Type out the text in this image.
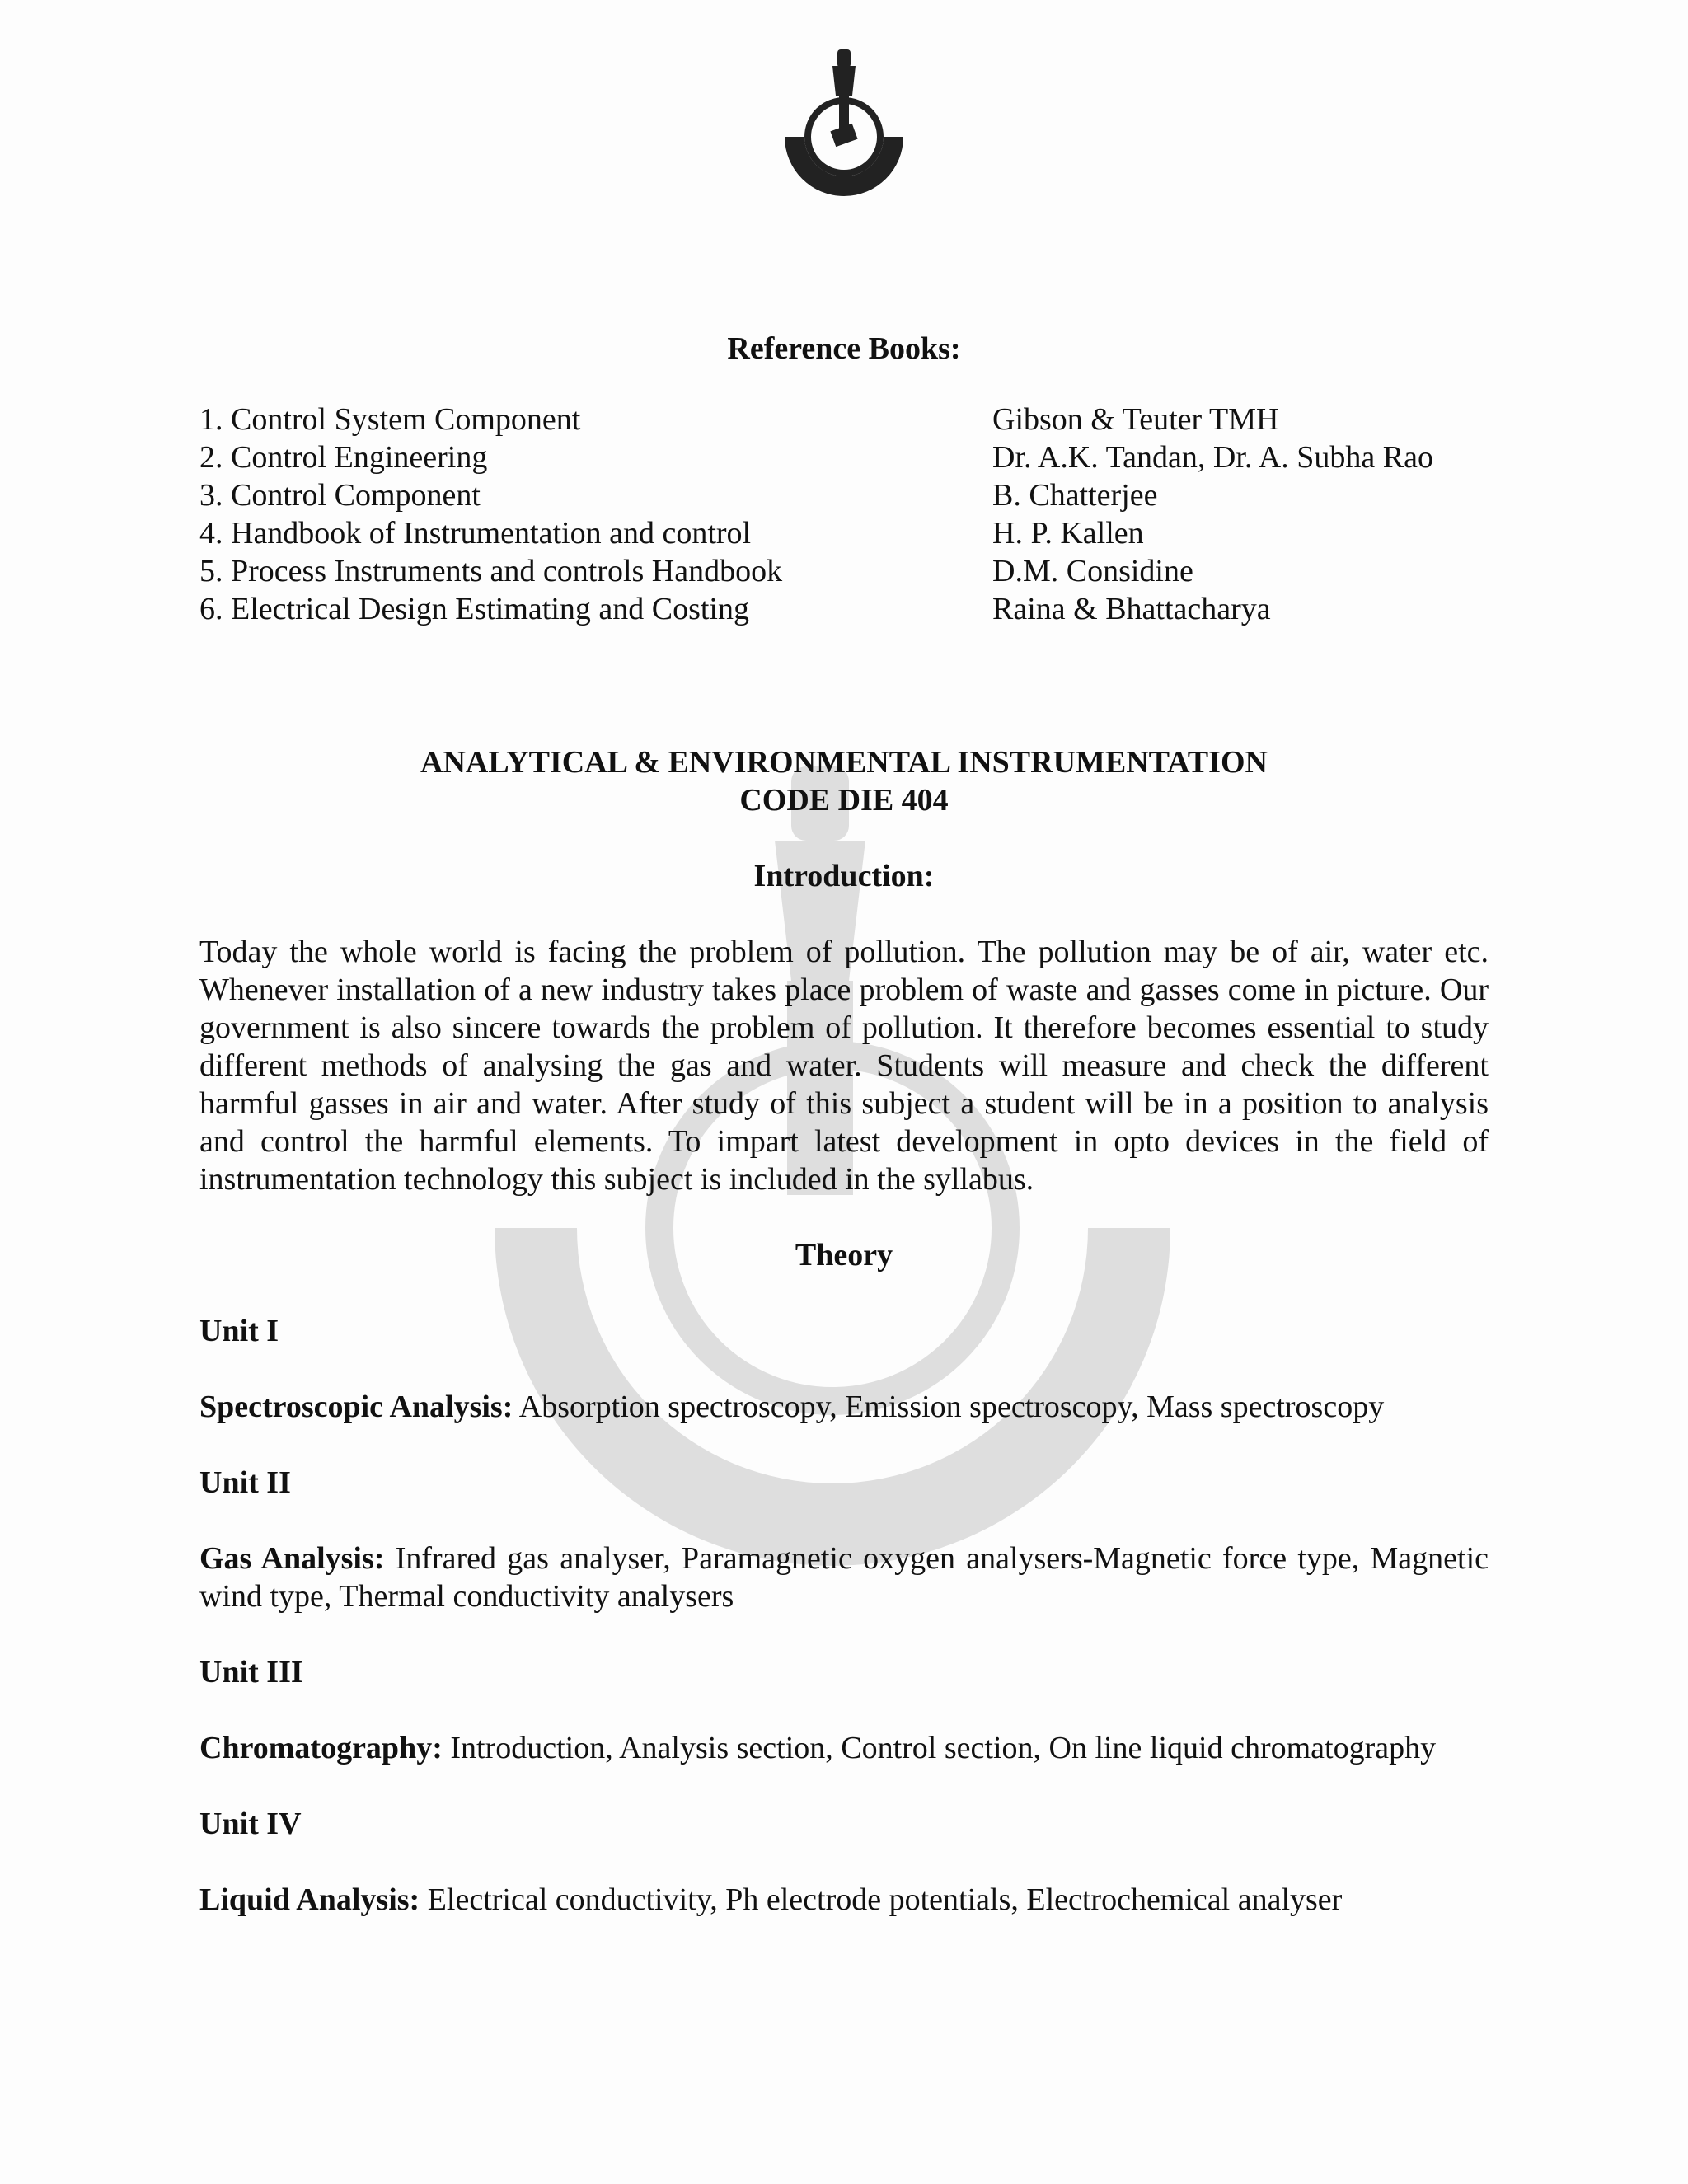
Reference Books:
1. Control System Component	Gibson & Teuter TMH
2. Control Engineering	Dr. A.K. Tandan, Dr. A. Subha Rao
3. Control Component	B. Chatterjee
4. Handbook of Instrumentation and control	H. P. Kallen
5. Process Instruments and controls Handbook	D.M. Considine
6. Electrical Design Estimating and Costing	Raina & Bhattacharya
ANALYTICAL & ENVIRONMENTAL INSTRUMENTATION
CODE DIE 404
Introduction:

Today the whole world is facing the problem of pollution. The pollution may be of air, water etc. Whenever installation of a new industry takes place problem of waste and gasses come in picture. Our government is also sincere towards the problem of pollution. It therefore becomes essential to study different methods of analysing the gas and water. Students will measure and check the different harmful gasses in air and water. After study of this subject a student will be in a position to analysis and control the harmful elements. To impart latest development in opto devices in the field of instrumentation technology this subject is included in the syllabus.

Theory
Unit I
Spectroscopic Analysis: Absorption spectroscopy, Emission spectroscopy, Mass spectroscopy
Unit II
Gas Analysis: Infrared gas analyser, Paramagnetic oxygen analysers-Magnetic force type, Magnetic wind type, Thermal conductivity analysers
Unit III
Chromatography: Introduction, Analysis section, Control section, On line liquid chromatography
Unit IV
Liquid Analysis: Electrical conductivity, Ph electrode potentials, Electrochemical analyser
